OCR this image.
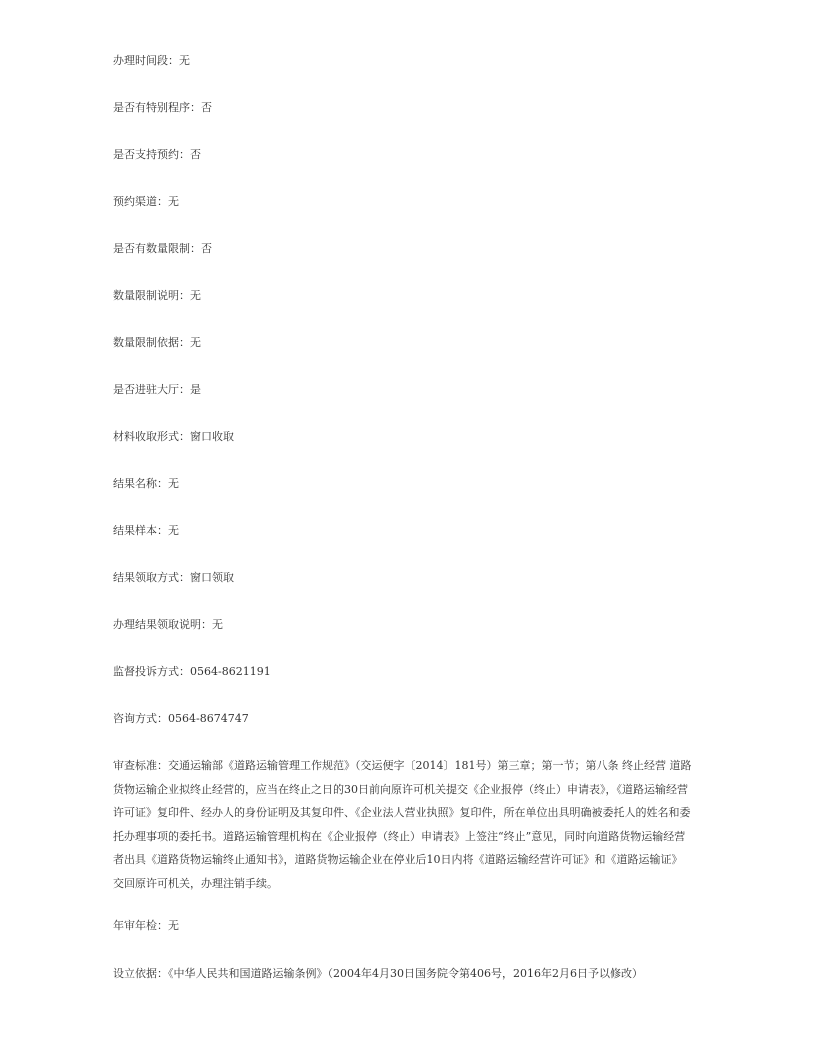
办理时间段：无
是否有特别程序：否
是否支持预约：否
预约渠道：无
是否有数量限制：否
数量限制说明：无
数量限制依据：无
是否进驻大厅：是
材料收取形式：窗口收取
结果名称：无
结果样本：无
结果领取方式：窗口领取
办理结果领取说明：无
监督投诉方式：0564-8621191
咨询方式：0564-8674747
审查标准：交通运输部《道路运输管理工作规范》（交运便字〔2014〕181号）第三章；第一节；第八条 终止经营 道路货物运输企业拟终止经营的，应当在终止之日的30日前向原许可机关提交《企业报停（终止）申请表》，《道路运输经营许可证》复印件、经办人的身份证明及其复印件、《企业法人营业执照》复印件，所在单位出具明确被委托人的姓名和委托办理事项的委托书。道路运输管理机构在《企业报停（终止）申请表》上签注“终止”意见，同时向道路货物运输经营者出具《道路货物运输终止通知书》，道路货物运输企业在停业后10日内将《道路运输经营许可证》和《道路运输证》交回原许可机关，办理注销手续。
年审年检：无
设立依据：《中华人民共和国道路运输条例》（2004年4月30日国务院令第406号，2016年2月6日予以修改）
